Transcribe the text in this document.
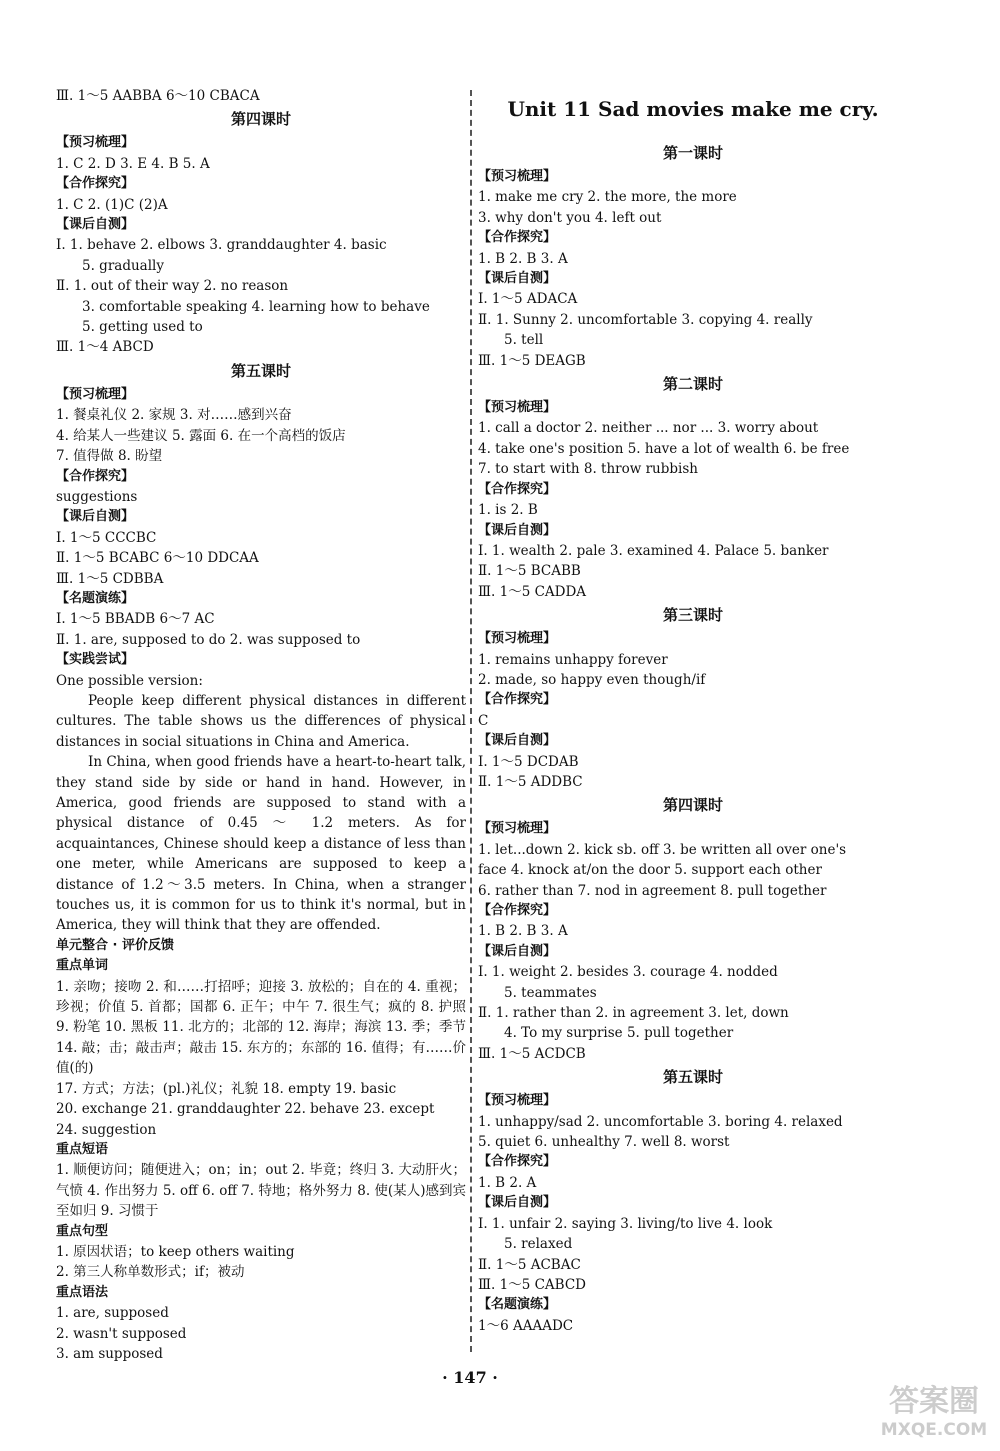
Ⅲ. 1～5 AABBA 6～10 CBACA
第四课时
【预习梳理】
1. C 2. D 3. E 4. B 5. A
【合作探究】
1. C 2. (1)C (2)A
【课后自测】
Ⅰ. 1. behave 2. elbows 3. granddaughter 4. basic
5. gradually
Ⅱ. 1. out of their way 2. no reason
3. comfortable speaking 4. learning how to behave
5. getting used to
Ⅲ. 1～4 ABCD
第五课时
【预习梳理】
1. 餐桌礼仪 2. 家规 3. 对……感到兴奋
4. 给某人一些建议 5. 露面 6. 在一个高档的饭店
7. 值得做 8. 盼望
【合作探究】
suggestions
【课后自测】
Ⅰ. 1～5 CCCBC
Ⅱ. 1～5 BCABC 6～10 DDCAA
Ⅲ. 1～5 CDBBA
【名题演练】
Ⅰ. 1～5 BBADB 6～7 AC
Ⅱ. 1. are, supposed to do 2. was supposed to
【实践尝试】
One possible version:
People keep different physical distances in different cultures. The table shows us the differences of physical distances in social situations in China and America.
In China, when good friends have a heart-to-heart talk, they stand side by side or hand in hand. However, in America, good friends are supposed to stand with a physical distance of 0.45 ～ 1.2 meters. As for acquaintances, Chinese should keep a distance of less than one meter, while Americans are supposed to keep a distance of 1.2～3.5 meters. In China, when a stranger touches us, it is common for us to think it's normal, but in America, they will think that they are offended.
单元整合 · 评价反馈
重点单词
1. 亲吻；接吻 2. 和……打招呼；迎接 3. 放松的；自在的 4. 重视；珍视；价值 5. 首都；国都 6. 正午；中午 7. 很生气；疯的 8. 护照 9. 粉笔 10. 黑板 11. 北方的；北部的 12. 海岸；海滨 13. 季；季节 14. 敲；击；敲击声；敲击 15. 东方的；东部的 16. 值得；有……价值(的)
17. 方式；方法；(pl.)礼仪；礼貌 18. empty 19. basic
20. exchange 21. granddaughter 22. behave 23. except
24. suggestion
重点短语
1. 顺便访问；随便进入；on；in；out 2. 毕竟；终归 3. 大动肝火；气愤 4. 作出努力 5. off 6. off 7. 特地；格外努力 8. 使(某人)感到宾至如归 9. 习惯于
重点句型
1. 原因状语；to keep others waiting
2. 第三人称单数形式；if；被动
重点语法
1. are, supposed
2. wasn't supposed
3. am supposed
Unit 11 Sad movies make me cry.
第一课时
【预习梳理】
1. make me cry 2. the more, the more
3. why don't you 4. left out
【合作探究】
1. B 2. B 3. A
【课后自测】
Ⅰ. 1～5 ADACA
Ⅱ. 1. Sunny 2. uncomfortable 3. copying 4. really
5. tell
Ⅲ. 1～5 DEAGB
第二课时
【预习梳理】
1. call a doctor 2. neither ... nor ... 3. worry about
4. take one's position 5. have a lot of wealth 6. be free
7. to start with 8. throw rubbish
【合作探究】
1. is 2. B
【课后自测】
Ⅰ. 1. wealth 2. pale 3. examined 4. Palace 5. banker
Ⅱ. 1～5 BCABB
Ⅲ. 1～5 CADDA
第三课时
【预习梳理】
1. remains unhappy forever
2. made, so happy even though/if
【合作探究】
C
【课后自测】
Ⅰ. 1～5 DCDAB
Ⅱ. 1～5 ADDBC
第四课时
【预习梳理】
1. let...down 2. kick sb. off 3. be written all over one's
face 4. knock at/on the door 5. support each other
6. rather than 7. nod in agreement 8. pull together
【合作探究】
1. B 2. B 3. A
【课后自测】
Ⅰ. 1. weight 2. besides 3. courage 4. nodded
5. teammates
Ⅱ. 1. rather than 2. in agreement 3. let, down
4. To my surprise 5. pull together
Ⅲ. 1～5 ACDCB
第五课时
【预习梳理】
1. unhappy/sad 2. uncomfortable 3. boring 4. relaxed
5. quiet 6. unhealthy 7. well 8. worst
【合作探究】
1. B 2. A
【课后自测】
Ⅰ. 1. unfair 2. saying 3. living/to live 4. look
5. relaxed
Ⅱ. 1～5 ACBAC
Ⅲ. 1～5 CABCD
【名题演练】
1～6 AAAADC
· 147 ·
答案圈
MXQE.COM
